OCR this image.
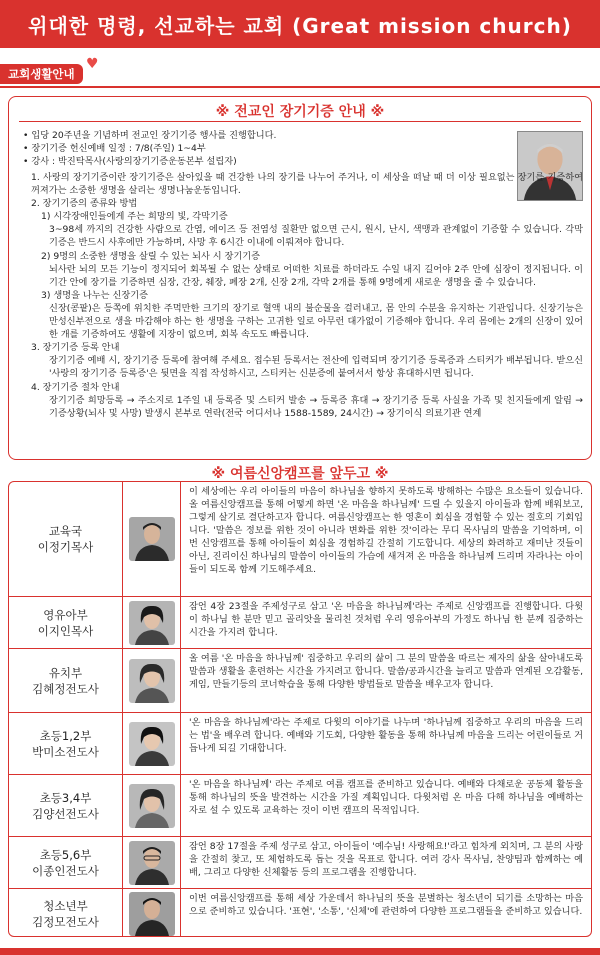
위대한 명령, 선교하는 교회 (Great mission church)
교회생활안내
♥
※ 전교인 장기기증 안내 ※

• 입당 20주년을 기념하며 전교인 장기기증 행사를 진행합니다.

• 장기기증 헌신예배 일정 : 7/8(주일) 1~4부

• 강사 : 박진탁목사(사랑의장기기증운동본부 설립자)

1. 사랑의 장기기증이란 장기기증은 살아있을 때 건강한 나의 장기를 나누어 주거나, 이 세상을 떠날 때 더 이상 필요없는 장기를 기증하여 꺼져가는 소중한 생명을 살리는 생명나눔운동입니다.

2. 장기기증의 종류와 방법

1) 시각장애인들에게 주는 희망의 빛, 각막기증

3~98세 까지의 건강한 사람으로 간염, 에이즈 등 전염성 질환만 없으면 근시, 원시, 난시, 색맹과 관계없이 기증할 수 있습니다. 각막기증은 반드시 사후에만 가능하며, 사망 후 6시간 이내에 이뤄져야 합니다.

2) 9명의 소중한 생명을 살릴 수 있는 뇌사 시 장기기증

뇌사란 뇌의 모든 기능이 정지되어 회복될 수 없는 상태로 어떠한 치료를 하더라도 수일 내지 길어야 2주 안에 심장이 정지됩니다. 이 기간 안에 장기를 기증하면 심장, 간장, 췌장, 폐장 2개, 신장 2개, 각막 2개를 통해 9명에게 새로운 생명을 줄 수 있습니다.

3) 생명을 나누는 신장기증

신장(콩팥)은 등쪽에 위치한 주먹만한 크기의 장기로 혈액 내의 불순물을 걸러내고, 몸 안의 수분을 유지하는 기관입니다. 신장기능은 만성신부전으로 생을 마감해야 하는 한 생명을 구하는 고귀한 일로 아무런 대가없이 기증해야 합니다. 우리 몸에는 2개의 신장이 있어 한 개를 기증하여도 생활에 지장이 없으며, 회복 속도도 빠릅니다.

3. 장기기증 등록 안내

장기기증 예배 시, 장기기증 등록에 참여해 주세요. 접수된 등록서는 전산에 입력되며 장기기증 등록증과 스티커가 배부됩니다. 받으신 '사랑의 장기기증 등록증'은 뒷면을 직접 작성하시고, 스티커는 신분증에 붙여서서 항상 휴대하시면 됩니다.

4. 장기기증 절차 안내

장기기증 희망등록 → 주소지로 1주일 내 등록증 및 스티커 발송 → 등록증 휴대 → 장기기증 등록 사실을 가족 및 친지들에게 알림 → 기증상황(뇌사 및 사망) 발생시 본부로 연락(전국 어디서나 1588-1589, 24시간) → 장기이식 의료기관 연계

※ 여름신앙캠프를 앞두고 ※
교육국
이정기목사
이 세상에는 우리 아이들의 마음이 하나님을 향하지 못하도록 방해하는 수많은 요소들이 있습니다. 올 여름신앙캠프를 통해 어떻게 하면 '온 마음을 하나님께' 드릴 수 있을지 아이들과 함께 배워보고, 그렇게 살기로 결단하고자 합니다. 여름신앙캠프는 한 영혼이 회심을 경험할 수 있는 절호의 기회입니다. '말씀은 정보를 위한 것이 아니라 변화를 위한 것'이라는 무디 목사님의 말씀을 기억하며, 이번 신앙캠프를 통해 아이들이 회심을 경험하길 간절히 기도합니다. 세상의 화려하고 재미난 것들이 아닌, 진리이신 하나님의 말씀이 아이들의 가슴에 새겨져 온 마음을 하나님께 드리며 자라나는 아이들이 되도록 함께 기도해주세요.
영유아부
이지인목사
잠언 4장 23절을 주제성구로 삼고 '온 마음을 하나님께'라는 주제로 신앙캠프를 진행합니다. 다윗이 하나님 한 분만 믿고 골리앗을 물리친 것처럼 우리 영유아부의 가정도 하나님 한 분께 집중하는 시간을 가지려 합니다.
유치부
김혜정전도사
올 여름 '온 마음을 하나님께' 집중하고 우리의 삶이 그 분의 말씀을 따르는 제자의 삶을 살아내도록 말씀과 생활을 훈련하는 시간을 가지려고 합니다. 말씀/공과시간을 늘리고 말씀과 연계된 오감활동, 게임, 만들기등의 코너학습을 통해 다양한 방법들로 말씀을 배우고자 합니다.
초등1,2부
박미소전도사
'온 마음을 하나님께'라는 주제로 다윗의 이야기를 나누며 '하나님께 집중하고 우리의 마음을 드리는 법'을 배우려 합니다. 예배와 기도회, 다양한 활동을 통해 하나님께 마음을 드리는 어린이들로 거듭나게 되길 기대합니다.
초등3,4부
김양선전도사
'온 마음을 하나님께' 라는 주제로 여름 캠프를 준비하고 있습니다. 예배와 다채로운 공동체 활동을 통해 하나님의 뜻을 발견하는 시간을 가질 계획입니다. 다윗처럼 온 마음 다해 하나님을 예배하는 자로 설 수 있도록 교육하는 것이 이번 캠프의 목적입니다.
초등5,6부
이종인전도사
잠언 8장 17절을 주제 성구로 삼고, 아이들이 '예수님! 사랑해요!'라고 힘차게 외치며, 그 분의 사랑을 간절히 찾고, 또 체험하도록 돕는 것을 목표로 합니다. 여러 강사 목사님, 찬양팀과 함께하는 예배, 그리고 다양한 신체활동 등의 프로그램을 진행합니다.
청소년부
김정모전도사
이번 여름신앙캠프를 통해 세상 가운데서 하나님의 뜻을 분별하는 청소년이 되기를 소망하는 마음으로 준비하고 있습니다. '표현', '소통', '신체'에 관련하여 다양한 프로그램들을 준비하고 있습니다.
